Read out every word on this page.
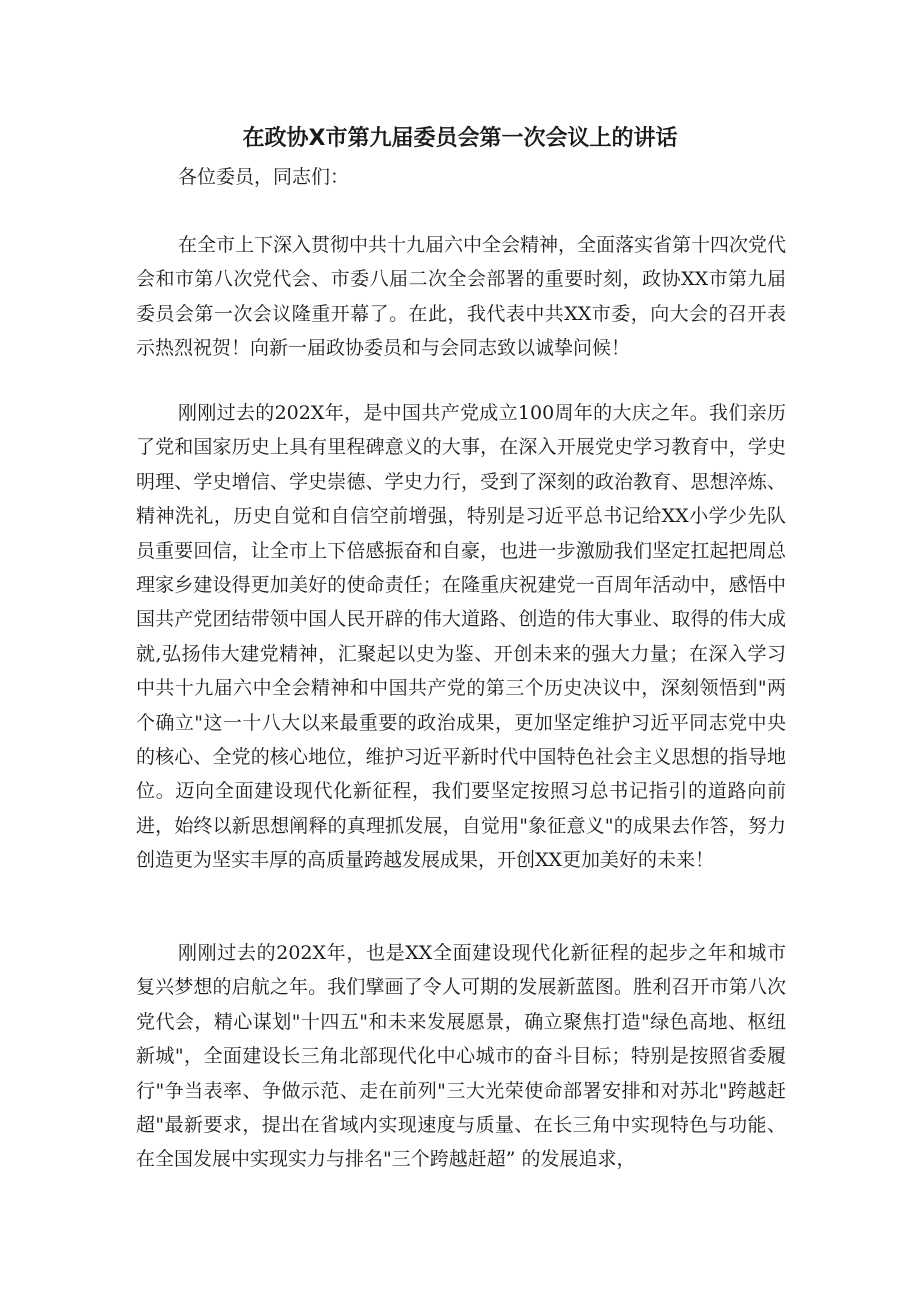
在政协X市第九届委员会第一次会议上的讲话

各位委员，同志们：

在全市上下深入贯彻中共十九届六中全会精神，全面落实省第十四次党代会和市第八次党代会、市委八届二次全会部署的重要时刻，政协XX市第九届委员会第一次会议隆重开幕了。在此，我代表中共XX市委，向大会的召开表示热烈祝贺！向新一届政协委员和与会同志致以诚挚问候！

刚刚过去的202X年，是中国共产党成立100周年的大庆之年。我们亲历了党和国家历史上具有里程碑意义的大事，在深入开展党史学习教育中，学史明理、学史增信、学史崇德、学史力行，受到了深刻的政治教育、思想淬炼、精神洗礼，历史自觉和自信空前增强，特别是习近平总书记给XX小学少先队员重要回信，让全市上下倍感振奋和自豪，也进一步激励我们坚定扛起把周总理家乡建设得更加美好的使命责任；在隆重庆祝建党一百周年活动中，感悟中国共产党团结带领中国人民开辟的伟大道路、创造的伟大事业、取得的伟大成就,弘扬伟大建党精神，汇聚起以史为鉴、开创未来的强大力量；在深入学习中共十九届六中全会精神和中国共产党的第三个历史决议中，深刻领悟到"两个确立"这一十八大以来最重要的政治成果，更加坚定维护习近平同志党中央的核心、全党的核心地位，维护习近平新时代中国特色社会主义思想的指导地位。迈向全面建设现代化新征程，我们要坚定按照习总书记指引的道路向前进，始终以新思想阐释的真理抓发展，自觉用"象征意义"的成果去作答，努力创造更为坚实丰厚的高质量跨越发展成果，开创XX更加美好的未来！

刚刚过去的202X年，也是XX全面建设现代化新征程的起步之年和城市复兴梦想的启航之年。我们擘画了令人可期的发展新蓝图。胜利召开市第八次党代会，精心谋划"十四五"和未来发展愿景，确立聚焦打造"绿色高地、枢纽新城"，全面建设长三角北部现代化中心城市的奋斗目标；特别是按照省委履行"争当表率、争做示范、走在前列"三大光荣使命部署安排和对苏北"跨越赶超"最新要求，提出在省域内实现速度与质量、在长三角中实现特色与功能、在全国发展中实现实力与排名"三个跨越赶超” 的发展追求，
